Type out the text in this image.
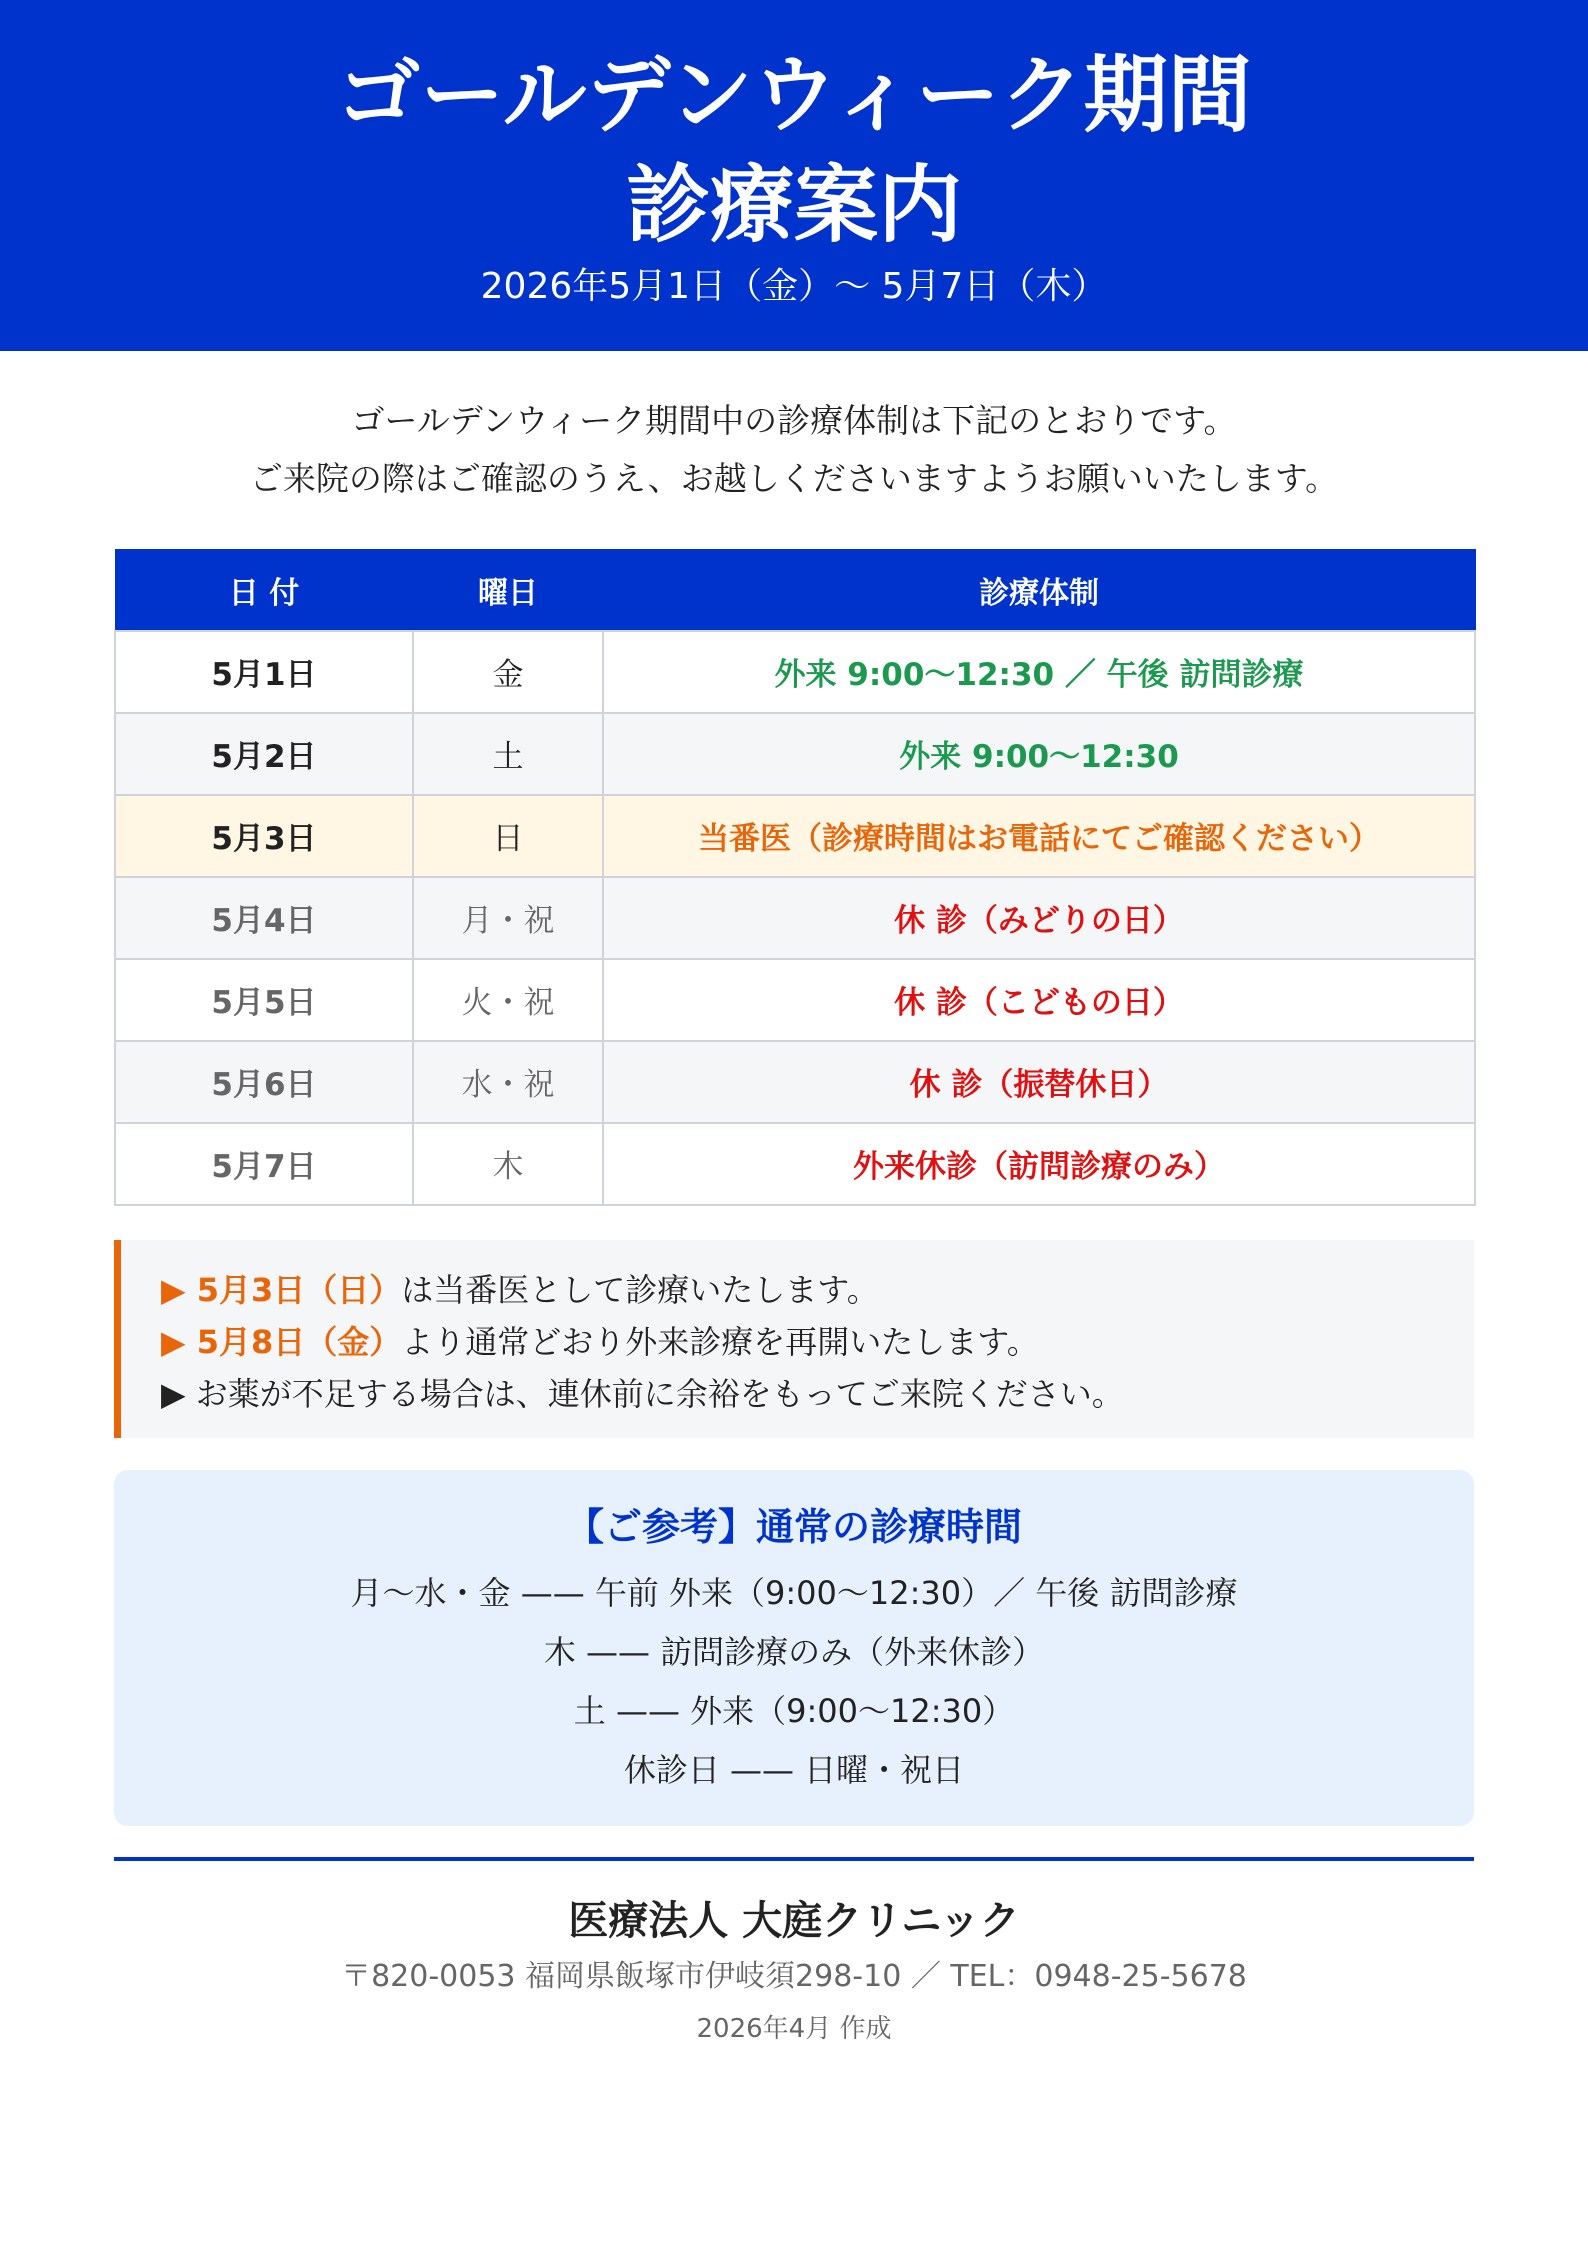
ゴールデンウィーク期間
診療案内
2026年5月1日（金）〜 5月7日（木）
ゴールデンウィーク期間中の診療体制は下記のとおりです。
ご来院の際はご確認のうえ、お越しくださいますようお願いいたします。
日 付	曜日	診療体制
5月1日	金	外来 9:00〜12:30 ／ 午後 訪問診療
5月2日	土	外来 9:00〜12:30
5月3日	日	当番医（診療時間はお電話にてご確認ください）
5月4日	月・祝	休 診（みどりの日）
5月5日	火・祝	休 診（こどもの日）
5月6日	水・祝	休 診（振替休日）
5月7日	木	外来休診（訪問診療のみ）
▶ 5月3日（日）は当番医として診療いたします。
▶ 5月8日（金）より通常どおり外来診療を再開いたします。
▶ お薬が不足する場合は、連休前に余裕をもってご来院ください。
【ご参考】通常の診療時間
月〜水・金 —— 午前 外来（9:00〜12:30）／ 午後 訪問診療
木 —— 訪問診療のみ（外来休診）
土 —— 外来（9:00〜12:30）
休診日 —— 日曜・祝日
医療法人 大庭クリニック
〒820-0053 福岡県飯塚市伊岐須298-10 ／ TEL：0948-25-5678
2026年4月 作成
